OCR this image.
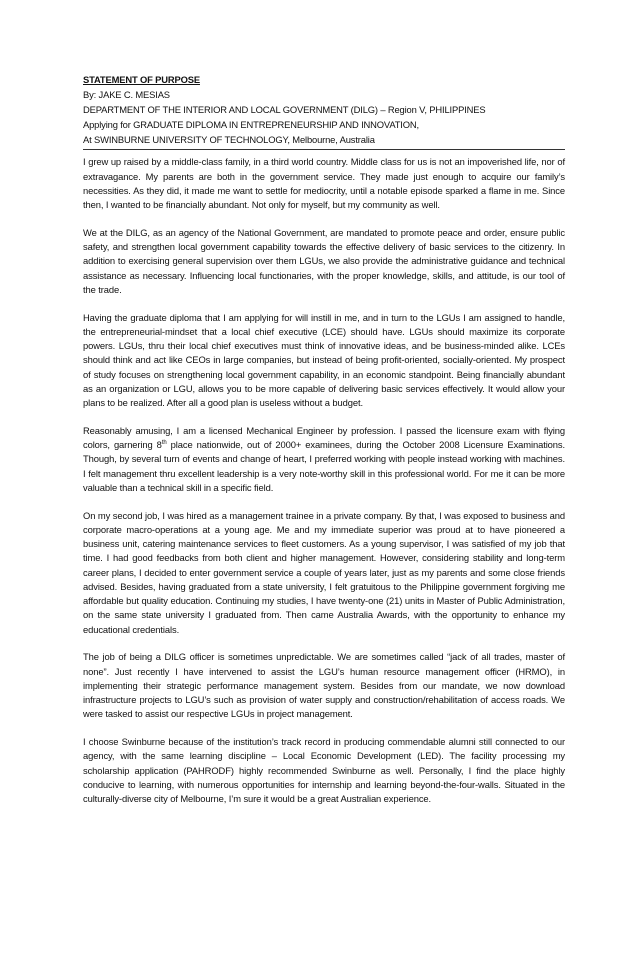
STATEMENT OF PURPOSE
By: JAKE C. MESIAS
DEPARTMENT OF THE INTERIOR AND LOCAL GOVERNMENT (DILG) – Region V, PHILIPPINES
Applying for GRADUATE DIPLOMA IN ENTREPRENEURSHIP AND INNOVATION,
At SWINBURNE UNIVERSITY OF TECHNOLOGY, Melbourne, Australia

I grew up raised by a middle-class family, in a third world country. Middle class for us is not an impoverished life, nor of extravagance. My parents are both in the government service. They made just enough to acquire our family’s necessities. As they did, it made me want to settle for mediocrity, until a notable episode sparked a flame in me. Since then, I wanted to be financially abundant. Not only for myself, but my community as well.

We at the DILG, as an agency of the National Government, are mandated to promote peace and order, ensure public safety, and strengthen local government capability towards the effective delivery of basic services to the citizenry. In addition to exercising general supervision over them LGUs, we also provide the administrative guidance and technical assistance as necessary. Influencing local functionaries, with the proper knowledge, skills, and attitude, is our tool of the trade.

Having the graduate diploma that I am applying for will instill in me, and in turn to the LGUs I am assigned to handle, the entrepreneurial-mindset that a local chief executive (LCE) should have. LGUs should maximize its corporate powers. LGUs, thru their local chief executives must think of innovative ideas, and be business-minded alike. LCEs should think and act like CEOs in large companies, but instead of being profit-oriented, socially-oriented. My prospect of study focuses on strengthening local government capability, in an economic standpoint. Being financially abundant as an organization or LGU, allows you to be more capable of delivering basic services effectively. It would allow your plans to be realized. After all a good plan is useless without a budget.

Reasonably amusing, I am a licensed Mechanical Engineer by profession. I passed the licensure exam with flying colors, garnering 8th place nationwide, out of 2000+ examinees, during the October 2008 Licensure Examinations. Though, by several turn of events and change of heart, I preferred working with people instead working with machines. I felt management thru excellent leadership is a very note-worthy skill in this professional world. For me it can be more valuable than a technical skill in a specific field.

On my second job, I was hired as a management trainee in a private company. By that, I was exposed to business and corporate macro-operations at a young age. Me and my immediate superior was proud at to have pioneered a business unit, catering maintenance services to fleet customers. As a young supervisor, I was satisfied of my job that time. I had good feedbacks from both client and higher management. However, considering stability and long-term career plans, I decided to enter government service a couple of years later, just as my parents and some close friends advised. Besides, having graduated from a state university, I felt gratuitous to the Philippine government forgiving me affordable but quality education. Continuing my studies, I have twenty-one (21) units in Master of Public Administration, on the same state university I graduated from. Then came Australia Awards, with the opportunity to enhance my educational credentials.

The job of being a DILG officer is sometimes unpredictable. We are sometimes called “jack of all trades, master of none”. Just recently I have intervened to assist the LGU’s human resource management officer (HRMO), in implementing their strategic performance management system. Besides from our mandate, we now download infrastructure projects to LGU’s such as provision of water supply and construction/rehabilitation of access roads. We were tasked to assist our respective LGUs in project management.

I choose Swinburne because of the institution’s track record in producing commendable alumni still connected to our agency, with the same learning discipline – Local Economic Development (LED). The facility processing my scholarship application (PAHRODF) highly recommended Swinburne as well. Personally, I find the place highly conducive to learning, with numerous opportunities for internship and learning beyond-the-four-walls. Situated in the culturally-diverse city of Melbourne, I’m sure it would be a great Australian experience.
